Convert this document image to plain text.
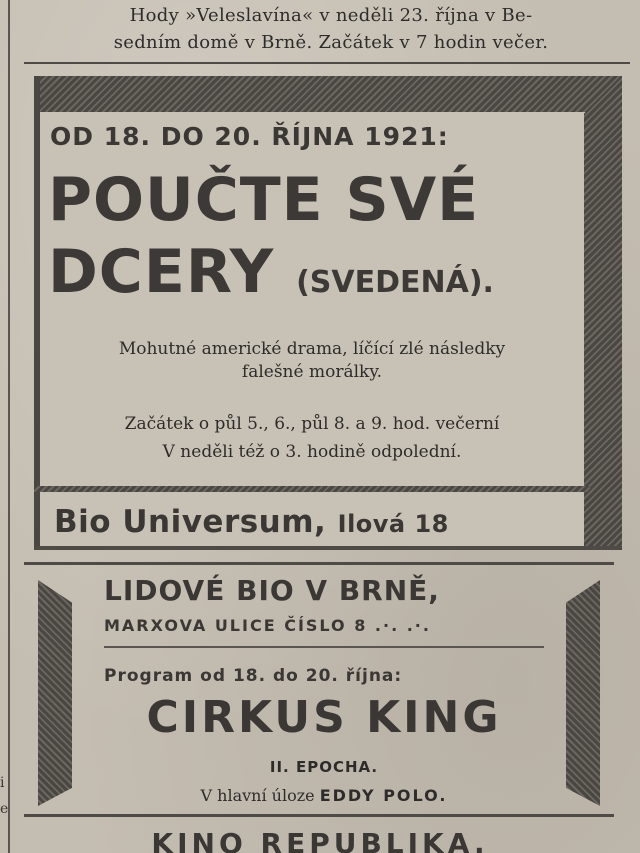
i
e
Hody »Veleslavína« v neděli 23. října v Be-
sedním domě v Brně. Začátek v 7 hodin večer.
OD 18. DO 20. ŘÍJNA 1921:
POUČTE SVÉ
DCERY (SVEDENÁ).
Mohutné americké drama, líčící zlé následky
falešné morálky.
Začátek o půl 5., 6., půl 8. a 9. hod. večerní
V neděli též o 3. hodině odpolední.
Bio Universum, Ilová 18
LIDOVÉ BIO V BRNĚ,
MARXOVA ULICE ČÍSLO 8 .·. .·.
Program od 18. do 20. října:
CIRKUS KING
II. EPOCHA.
V hlavní úloze EDDY POLO.
KINO REPUBLIKA.
